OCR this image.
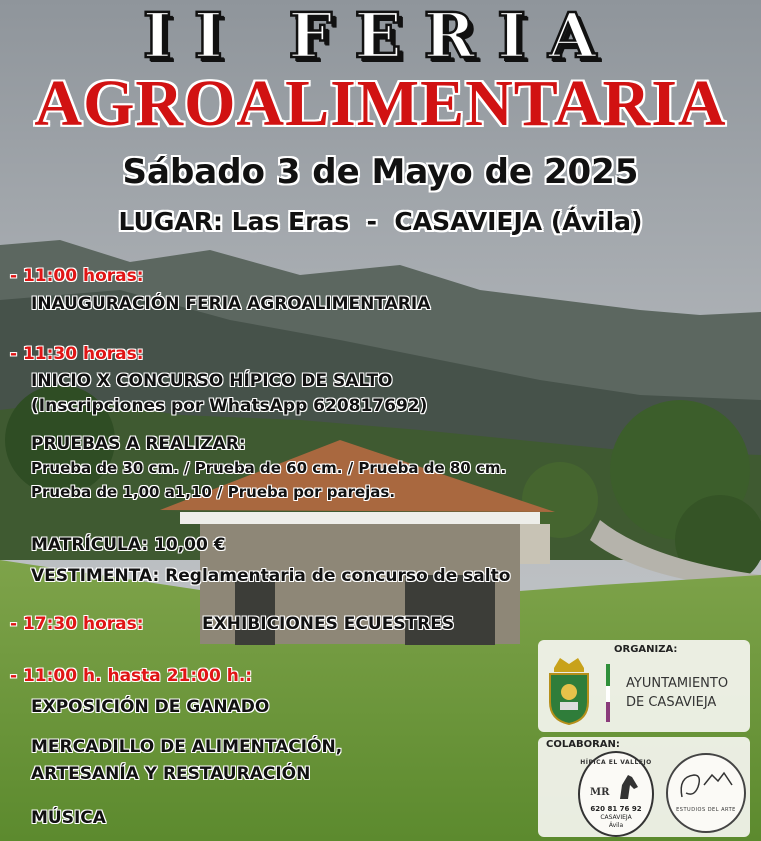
II FERIA
AGROALIMENTARIA
Sábado 3 de Mayo de 2025
LUGAR: Las Eras  -  CASAVIEJA (Ávila)
- 11:00 horas:
INAUGURACIÓN FERIA AGROALIMENTARIA
- 11:30 horas:
INICIO X CONCURSO HÍPICO DE SALTO
(Inscripciones por WhatsApp 620817692)
PRUEBAS A REALIZAR:
Prueba de 30 cm. / Prueba de 60 cm. / Prueba de 80 cm.
Prueba de 1,00 a1,10 / Prueba por parejas.
MATRÍCULA: 10,00 €
VESTIMENTA: Reglamentaria de concurso de salto
- 17:30 horas:	EXHIBICIONES ECUESTRES
- 11:00 h. hasta 21:00 h.:
EXPOSICIÓN DE GANADO
MERCADILLO DE ALIMENTACIÓN,
ARTESANÍA Y RESTAURACIÓN
MÚSICA
ORGANIZA:
AYUNTAMIENTO
DE CASAVIEJA
COLABORAN:
HÍPICA EL VALLEJO
MR
620 81 76 92
CASAVIEJA
Ávila
ESTUDIOS DEL ARTE
